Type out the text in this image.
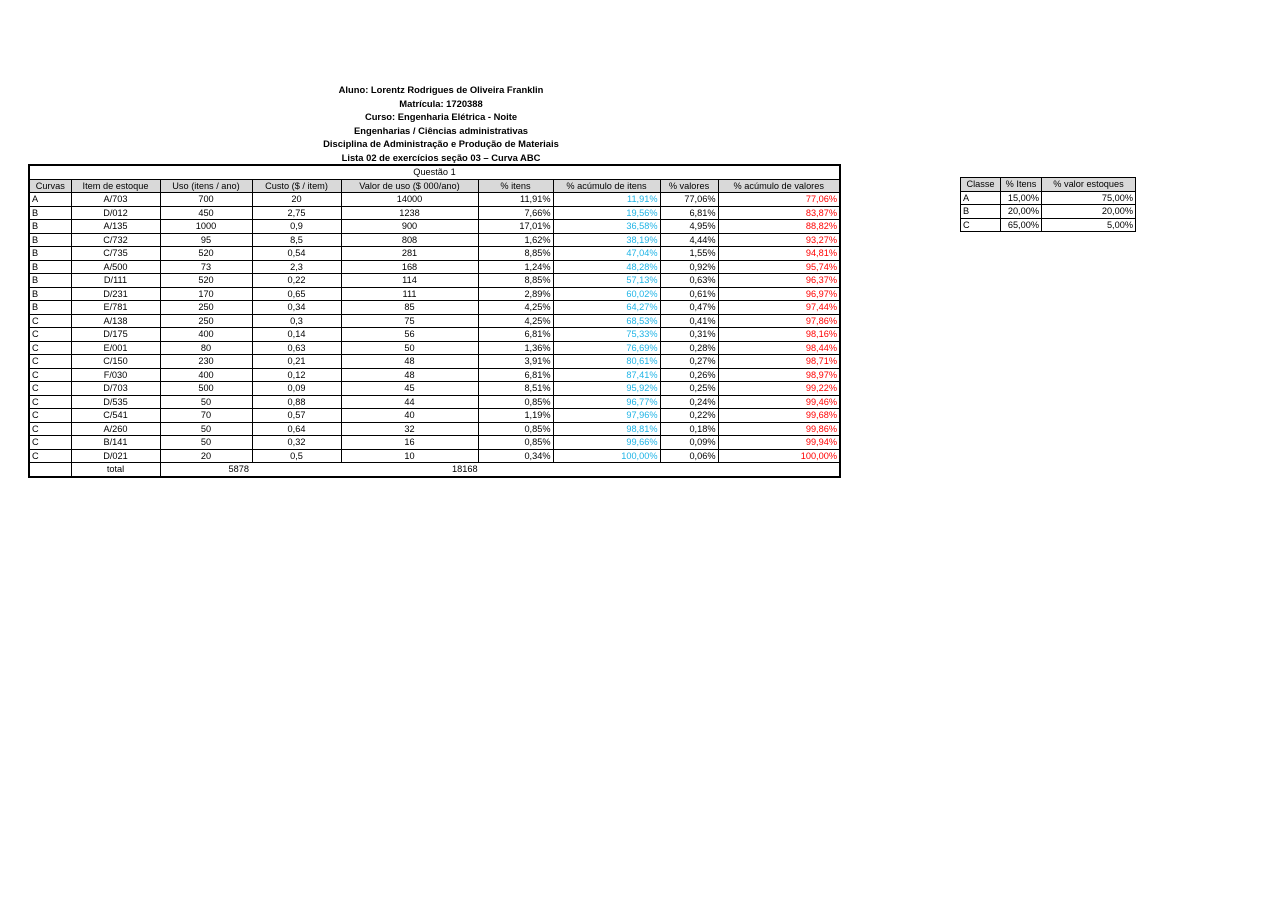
Aluno: Lorentz Rodrigues de Oliveira Franklin
Matrícula: 1720388
Curso: Engenharia Elétrica - Noite
Engenharias / Ciências administrativas
Disciplina de Administração e Produção de Materiais
Lista 02 de exercícios seção 03 – Curva ABC
Questão 1								
Curvas	Item de estoque	Uso (itens / ano)	Custo ($ / item)	Valor de uso ($ 000/ano)	% itens	% acúmulo de itens	% valores	% acúmulo de valores
A	A/703	700	20	14000	11,91%	11,91%	77,06%	77,06%
B	D/012	450	2,75	1238	7,66%	19,56%	6,81%	83,87%
B	A/135	1000	0,9	900	17,01%	36,58%	4,95%	88,82%
B	C/732	95	8,5	808	1,62%	38,19%	4,44%	93,27%
B	C/735	520	0,54	281	8,85%	47,04%	1,55%	94,81%
B	A/500	73	2,3	168	1,24%	48,28%	0,92%	95,74%
B	D/111	520	0,22	114	8,85%	57,13%	0,63%	96,37%
B	D/231	170	0,65	111	2,89%	60,02%	0,61%	96,97%
B	E/781	250	0,34	85	4,25%	64,27%	0,47%	97,44%
C	A/138	250	0,3	75	4,25%	68,53%	0,41%	97,86%
C	D/175	400	0,14	56	6,81%	75,33%	0,31%	98,16%
C	E/001	80	0,63	50	1,36%	76,69%	0,28%	98,44%
C	C/150	230	0,21	48	3,91%	80,61%	0,27%	98,71%
C	F/030	400	0,12	48	6,81%	87,41%	0,26%	98,97%
C	D/703	500	0,09	45	8,51%	95,92%	0,25%	99,22%
C	D/535	50	0,88	44	0,85%	96,77%	0,24%	99,46%
C	C/541	70	0,57	40	1,19%	97,96%	0,22%	99,68%
C	A/260	50	0,64	32	0,85%	98,81%	0,18%	99,86%
C	B/141	50	0,32	16	0,85%	99,66%	0,09%	99,94%
C	D/021	20	0,5	10	0,34%	100,00%	0,06%	100,00%
	total	5878		18168				
Classe	% Itens	% valor estoques
A	15,00%	75,00%
B	20,00%	20,00%
C	65,00%	5,00%
